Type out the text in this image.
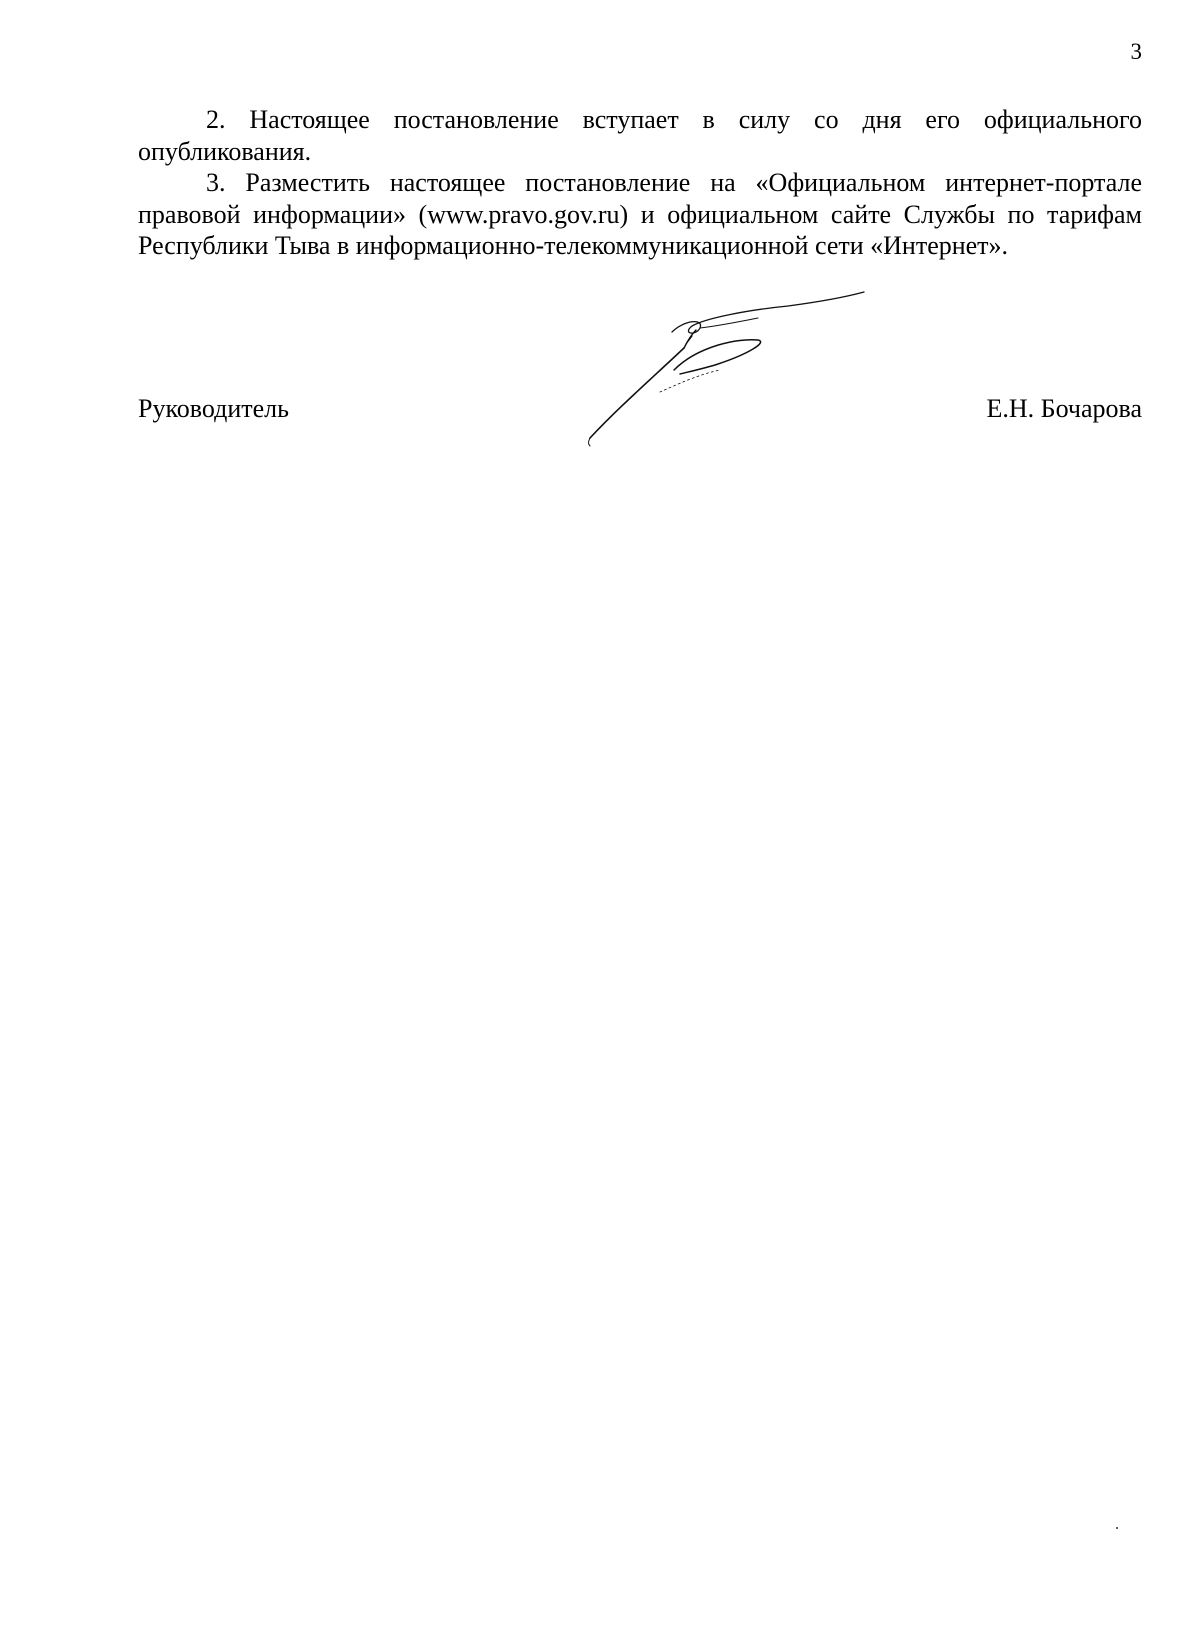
3

2. Настоящее постановление вступает в силу со дня его официального опубликования.

3. Разместить настоящее постановление на «Официальном интернет-портале правовой информации» (www.pravo.gov.ru) и официальном сайте Службы по тарифам Республики Тыва в информационно-телекоммуникационной сети «Интернет».

Руководитель	Е.Н. Бочарова
